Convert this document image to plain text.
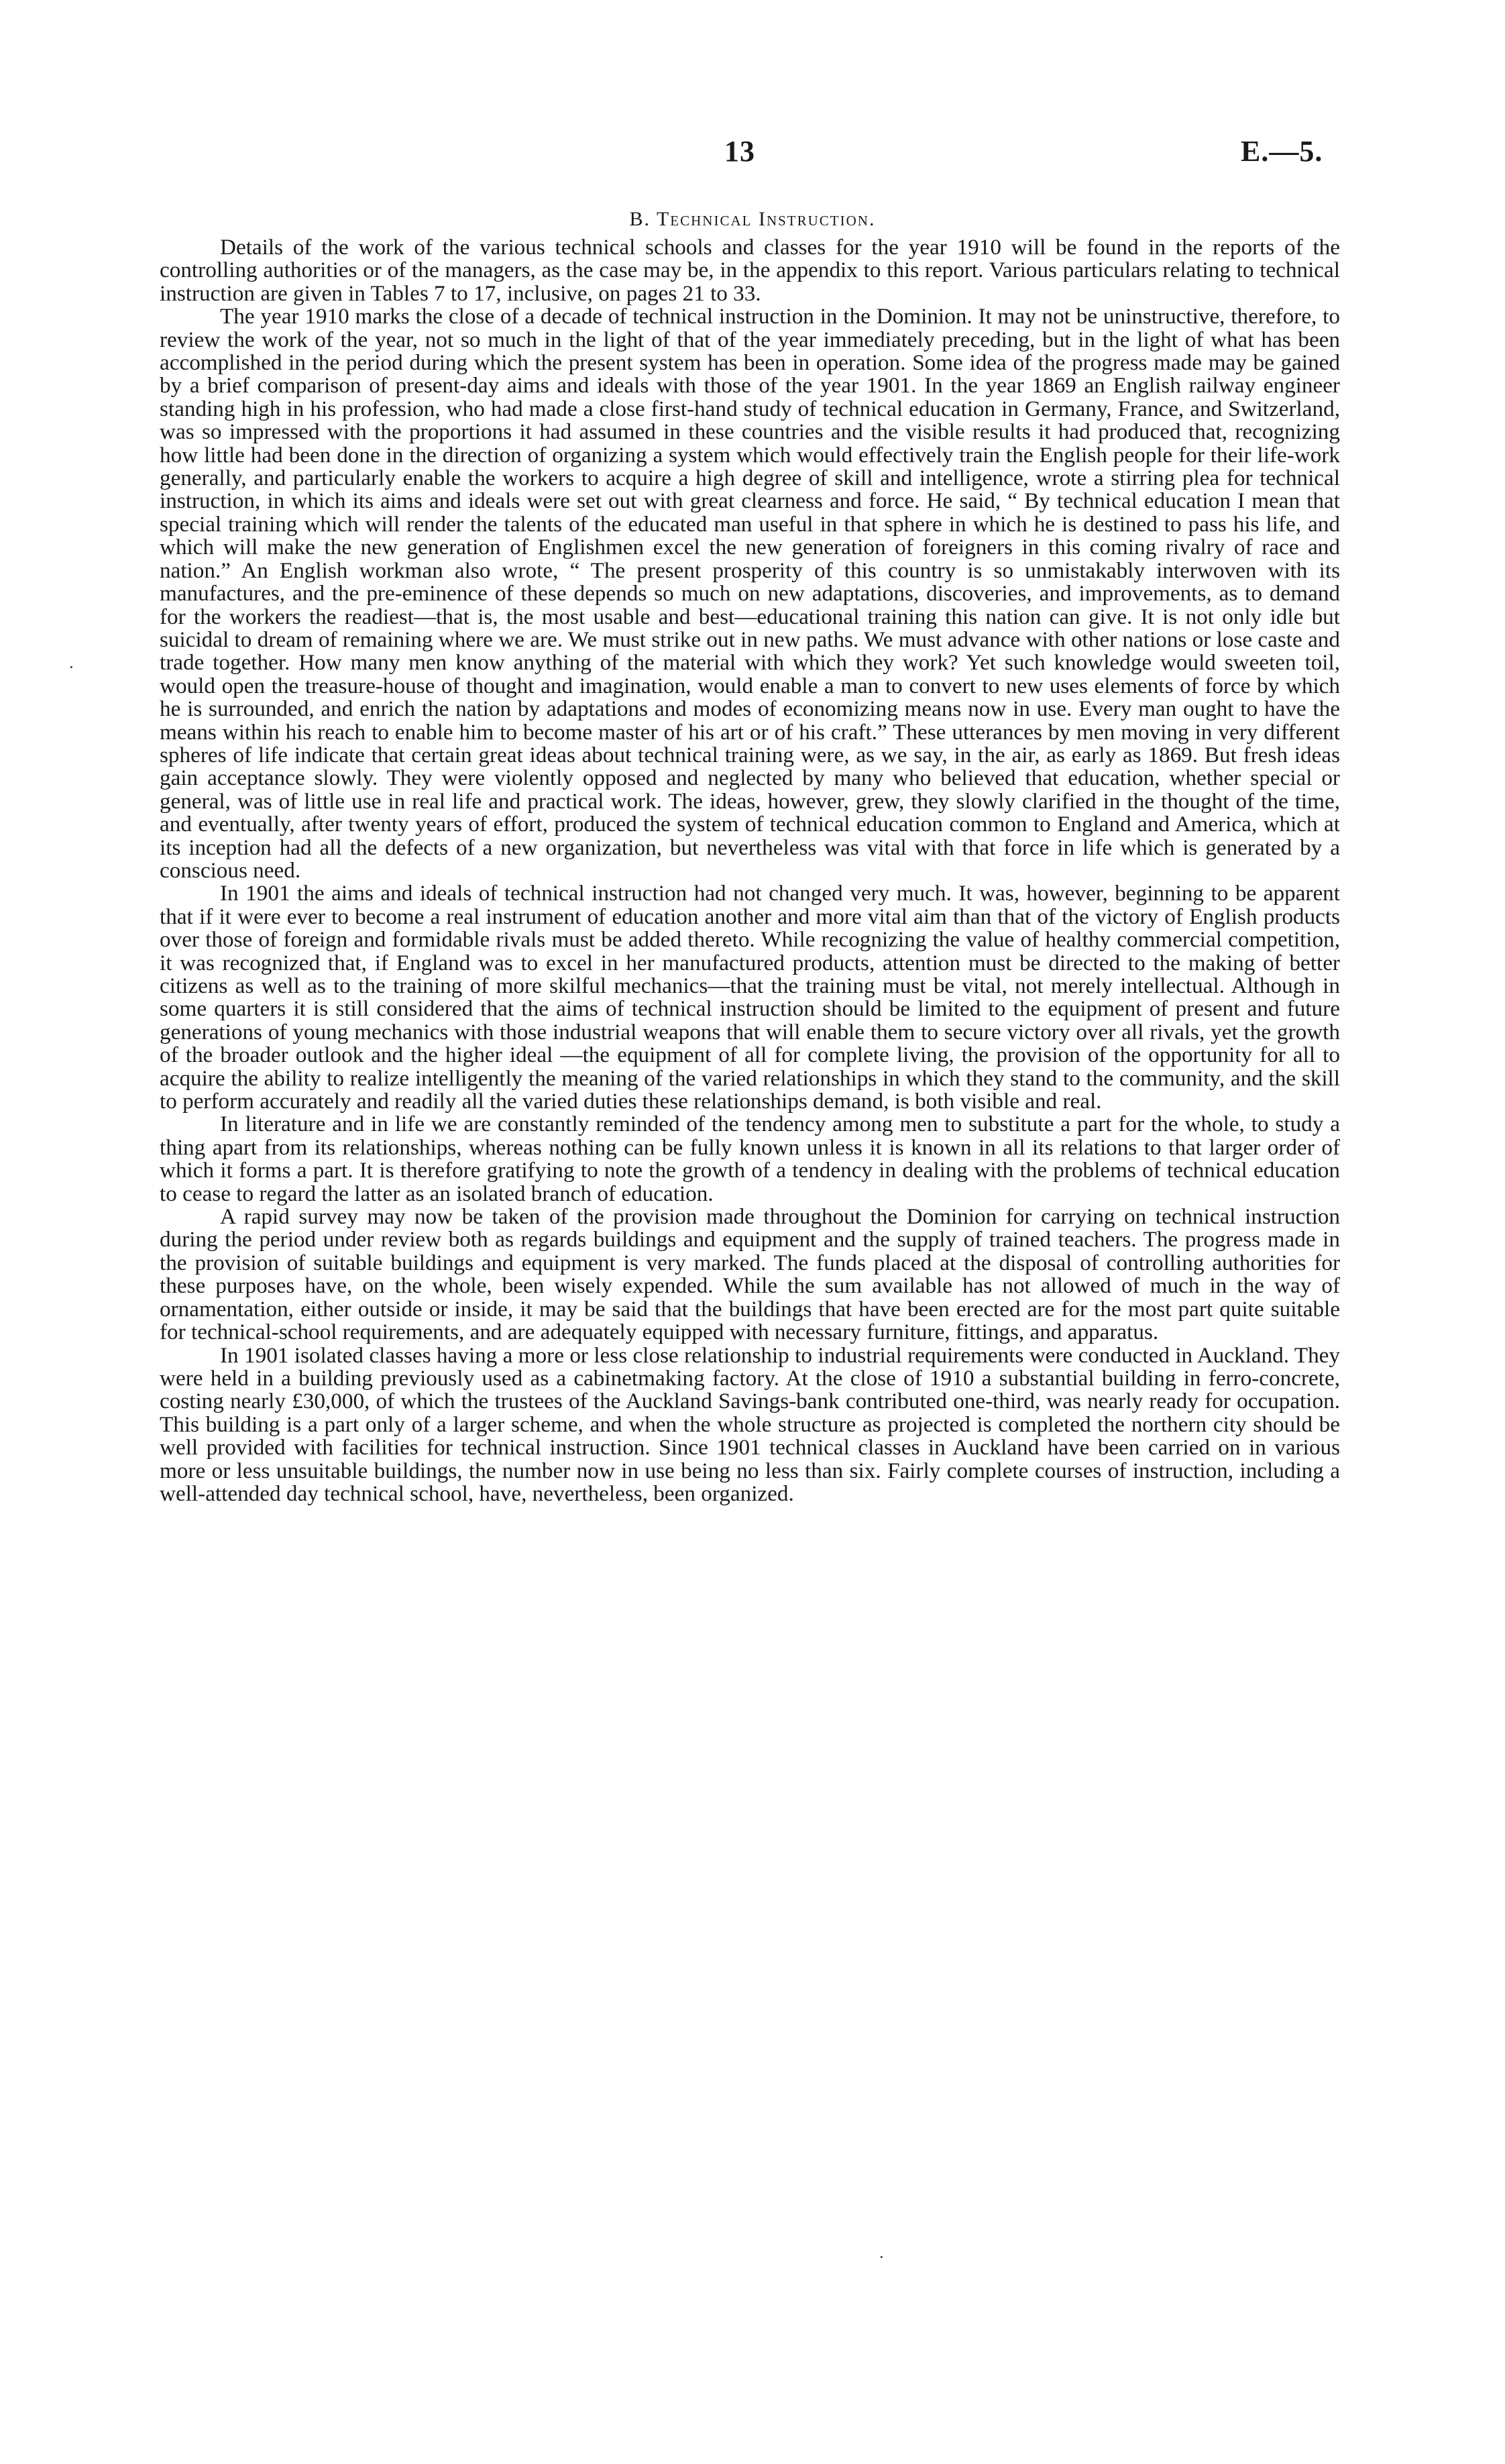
13	E.—5.
B. Technical Instruction.

Details of the work of the various technical schools and classes for the year 1910 will be found in the reports of the controlling authorities or of the managers, as the case may be, in the appendix to this report. Various particulars relating to technical instruction are given in Tables 7 to 17, inclusive, on pages 21 to 33.

The year 1910 marks the close of a decade of technical instruction in the Dominion. It may not be uninstructive, therefore, to review the work of the year, not so much in the light of that of the year immediately preceding, but in the light of what has been accomplished in the period during which the present system has been in operation. Some idea of the progress made may be gained by a brief comparison of present-day aims and ideals with those of the year 1901. In the year 1869 an English railway engineer standing high in his profession, who had made a close first-hand study of technical education in Germany, France, and Switzerland, was so impressed with the proportions it had assumed in these countries and the visible results it had produced that, recognizing how little had been done in the direction of organizing a system which would effectively train the English people for their life-work generally, and particularly enable the workers to acquire a high degree of skill and intelligence, wrote a stirring plea for technical instruction, in which its aims and ideals were set out with great clearness and force. He said, “ By technical education I mean that special training which will render the talents of the educated man useful in that sphere in which he is destined to pass his life, and which will make the new generation of Englishmen excel the new generation of foreigners in this coming rivalry of race and nation.” An English workman also wrote, “ The present prosperity of this country is so unmistakably interwoven with its manufactures, and the pre-eminence of these depends so much on new adaptations, discoveries, and improvements, as to demand for the workers the readiest—that is, the most usable and best—educational training this nation can give. It is not only idle but suicidal to dream of remaining where we are. We must strike out in new paths. We must advance with other nations or lose caste and trade together. How many men know anything of the material with which they work? Yet such knowledge would sweeten toil, would open the treasure-house of thought and imagination, would enable a man to convert to new uses elements of force by which he is surrounded, and enrich the nation by adaptations and modes of economizing means now in use. Every man ought to have the means within his reach to enable him to become master of his art or of his craft.” These utterances by men moving in very different spheres of life indicate that certain great ideas about technical training were, as we say, in the air, as early as 1869. But fresh ideas gain acceptance slowly. They were violently opposed and neglected by many who believed that education, whether special or general, was of little use in real life and practical work. The ideas, however, grew, they slowly clarified in the thought of the time, and eventually, after twenty years of effort, produced the system of technical education common to England and America, which at its inception had all the defects of a new organization, but nevertheless was vital with that force in life which is generated by a conscious need.

In 1901 the aims and ideals of technical instruction had not changed very much. It was, however, beginning to be apparent that if it were ever to become a real instrument of education another and more vital aim than that of the victory of English products over those of foreign and formidable rivals must be added thereto. While recognizing the value of healthy commercial competition, it was recognized that, if England was to excel in her manufactured products, attention must be directed to the making of better citizens as well as to the training of more skilful mechanics—that the training must be vital, not merely intellectual. Although in some quarters it is still considered that the aims of technical instruction should be limited to the equipment of present and future generations of young mechanics with those industrial weapons that will enable them to secure victory over all rivals, yet the growth of the broader outlook and the higher ideal —the equipment of all for complete living, the provision of the opportunity for all to acquire the ability to realize intelligently the meaning of the varied relationships in which they stand to the community, and the skill to perform accurately and readily all the varied duties these relationships demand, is both visible and real.

In literature and in life we are constantly reminded of the tendency among men to substitute a part for the whole, to study a thing apart from its relationships, whereas nothing can be fully known unless it is known in all its relations to that larger order of which it forms a part. It is therefore gratifying to note the growth of a tendency in dealing with the problems of technical education to cease to regard the latter as an isolated branch of education.

A rapid survey may now be taken of the provision made throughout the Dominion for carrying on technical instruction during the period under review both as regards buildings and equipment and the supply of trained teachers. The progress made in the provision of suitable buildings and equipment is very marked. The funds placed at the disposal of controlling authorities for these purposes have, on the whole, been wisely expended. While the sum available has not allowed of much in the way of ornamentation, either outside or inside, it may be said that the buildings that have been erected are for the most part quite suitable for technical-school requirements, and are adequately equipped with necessary furniture, fittings, and apparatus.

In 1901 isolated classes having a more or less close relationship to industrial requirements were conducted in Auckland. They were held in a building previously used as a cabinetmaking factory. At the close of 1910 a substantial building in ferro-concrete, costing nearly £30,000, of which the trustees of the Auckland Savings-bank contributed one-third, was nearly ready for occupation. This building is a part only of a larger scheme, and when the whole structure as projected is completed the northern city should be well provided with facilities for technical instruction. Since 1901 technical classes in Auckland have been carried on in various more or less unsuitable buildings, the number now in use being no less than six. Fairly complete courses of instruction, including a well-attended day technical school, have, nevertheless, been organized.

·
·
